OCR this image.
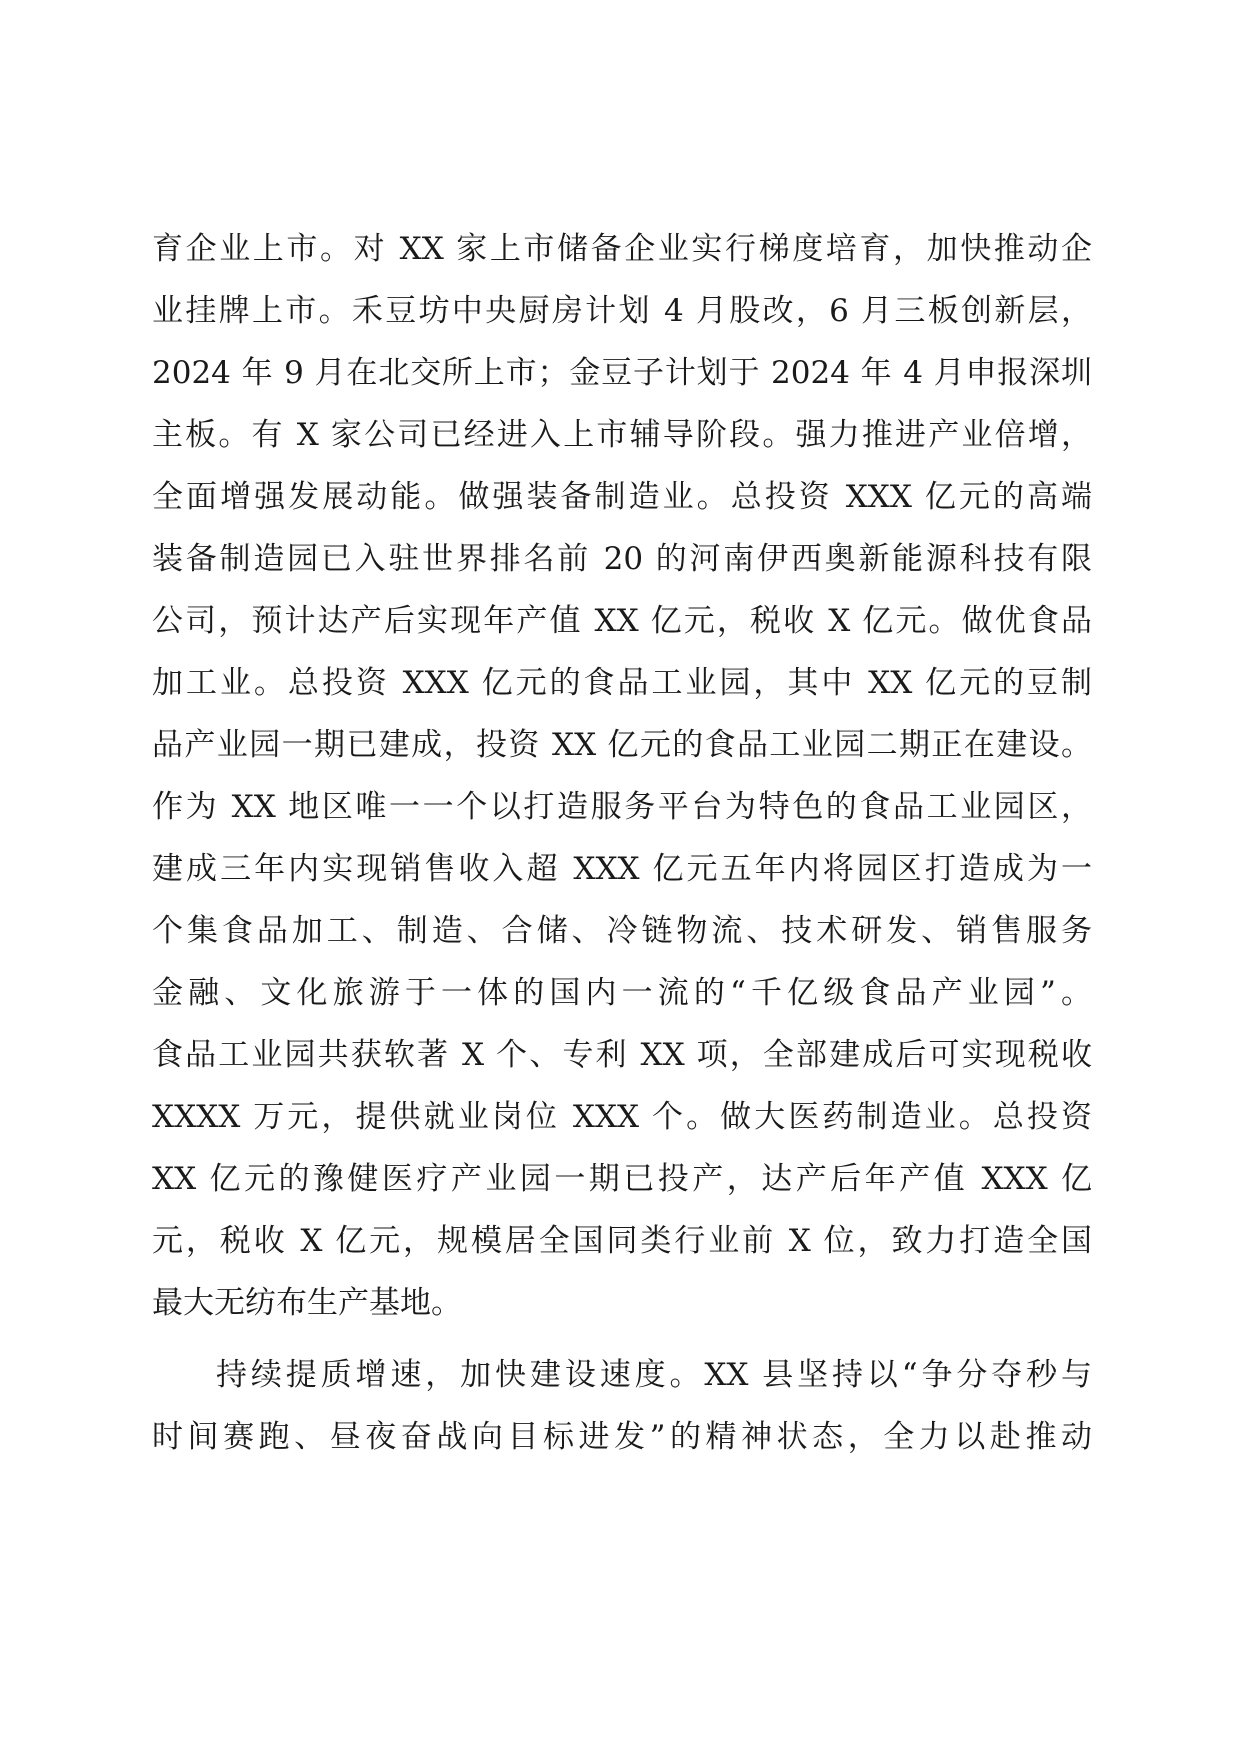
育企业上市。对 XX 家上市储备企业实行梯度培育，加快推动企
业挂牌上市。禾豆坊中央厨房计划 4 月股改，6 月三板创新层，
2024 年 9 月在北交所上市；金豆子计划于 2024 年 4 月申报深圳
主板。有 X 家公司已经进入上市辅导阶段。强力推进产业倍增，
全面增强发展动能。做强装备制造业。总投资 XXX 亿元的高端
装备制造园已入驻世界排名前 20 的河南伊西奥新能源科技有限
公司，预计达产后实现年产值 XX 亿元，税收 X 亿元。做优食品
加工业。总投资 XXX 亿元的食品工业园，其中 XX 亿元的豆制
品产业园一期已建成，投资 XX 亿元的食品工业园二期正在建设。
作为 XX 地区唯一一个以打造服务平台为特色的食品工业园区，
建成三年内实现销售收入超 XXX 亿元五年内将园区打造成为一
个集食品加工、制造、合储、冷链物流、技术研发、销售服务
金融、文化旅游于一体的国内一流的“千亿级食品产业园”。
食品工业园共获软著 X 个、专利 XX 项，全部建成后可实现税收
XXXX 万元，提供就业岗位 XXX 个。做大医药制造业。总投资
XX 亿元的豫健医疗产业园一期已投产，达产后年产值 XXX 亿
元，税收 X 亿元，规模居全国同类行业前 X 位，致力打造全国
最大无纺布生产基地。
持续提质增速，加快建设速度。XX 县坚持以“争分夺秒与
时间赛跑、昼夜奋战向目标进发”的精神状态，全力以赴推动
